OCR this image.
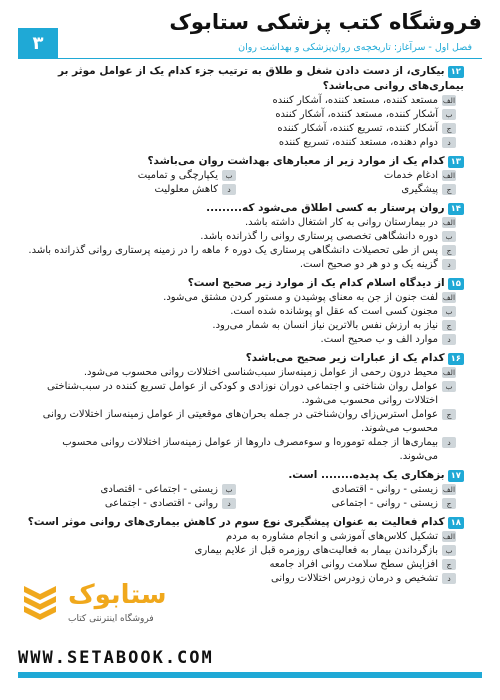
۳
فروشگاه کتب پزشکی ستابوک
فصل اول - سرآغاز: تاریخچه‌ی روان‌پزشکی و بهداشت روان
۱۲بیکاری، از دست دادن شغل و طلاق به ترتیب جزء کدام یک از عوامل موثر بر بیماری‌های روانی می‌باشد؟
الف
مستعد کننده، مستعد کننده، آشکار کننده
ب
آشکار کننده، مستعد کننده، آشکار کننده
ج
آشکار کننده، تسریع کننده، آشکار کننده
د
دوام دهنده، مستعد کننده، تسریع کننده
۱۳کدام یک از موارد زیر از معیارهای بهداشت روان می‌باشد؟
الف
ادغام خدمات
ب
یکپارچگی و تمامیت
ج
پیشگیری
د
کاهش معلولیت
۱۴روان پرستار به کسی اطلاق می‌شود که.........
الف
در بیمارستان روانی به کار اشتغال داشته باشد.
ب
دوره دانشگاهی تخصصی پرستاری روانی را گذرانده باشد.
ج
پس از طی تحصیلات دانشگاهی پرستاری یک دوره ۶ ماهه را در زمینه پرستاری روانی گذرانده باشد.
د
گزینه یک و دو هر دو صحیح است.
۱۵از دیدگاه اسلام کدام یک از موارد زیر صحیح است؟
الف
لفت جنون از جن به معنای پوشیدن و مستور کردن مشتق می‌شود.
ب
مجنون کسی است که عقل او پوشانده شده است.
ج
نیاز به ارزش نفس بالاترین نیاز انسان به شمار می‌رود.
د
موارد الف و ب صحیح است.
۱۶کدام یک از عبارات زیر صحیح می‌باشد؟
الف
محیط درون رحمی از عوامل زمینه‌ساز سبب‌شناسی اختلالات روانی محسوب می‌شود.
ب
عوامل روان شناختی و اجتماعی دوران نوزادی و کودکی از عوامل تسریع کننده در سبب‌شناختی اختلالات روانی محسوب می‌شود.
ج
عوامل استرس‌زای روان‌شناختی در جمله بحران‌های موقعیتی از عوامل زمینه‌ساز اختلالات روانی محسوب می‌شوند.
د
بیماری‌ها از جمله توموره‌ا و سوءمصرف داروها از عوامل زمینه‌ساز اختلالات روانی محسوب می‌شوند.
۱۷بزهکاری یک پدیده........ است.
الف
زیستی - روانی - اقتصادی
ب
زیستی - اجتماعی - اقتصادی
ج
زیستی - روانی - اجتماعی
د
روانی - اقتصادی - اجتماعی
۱۸کدام فعالیت به عنوان پیشگیری نوع سوم در کاهش بیماری‌های روانی موثر است؟
الف
تشکیل کلاس‌های آموزشی و انجام مشاوره به مردم
ب
بازگرداندن بیمار به فعالیت‌های روزمره قبل از علایم بیماری
ج
افزایش سطح سلامت روانی افراد جامعه
د
تشخیص و درمان زودرس اختلالات روانی
ستابوک
فروشگاه اینترنتی کتاب
WWW.SETABOOK.COM
